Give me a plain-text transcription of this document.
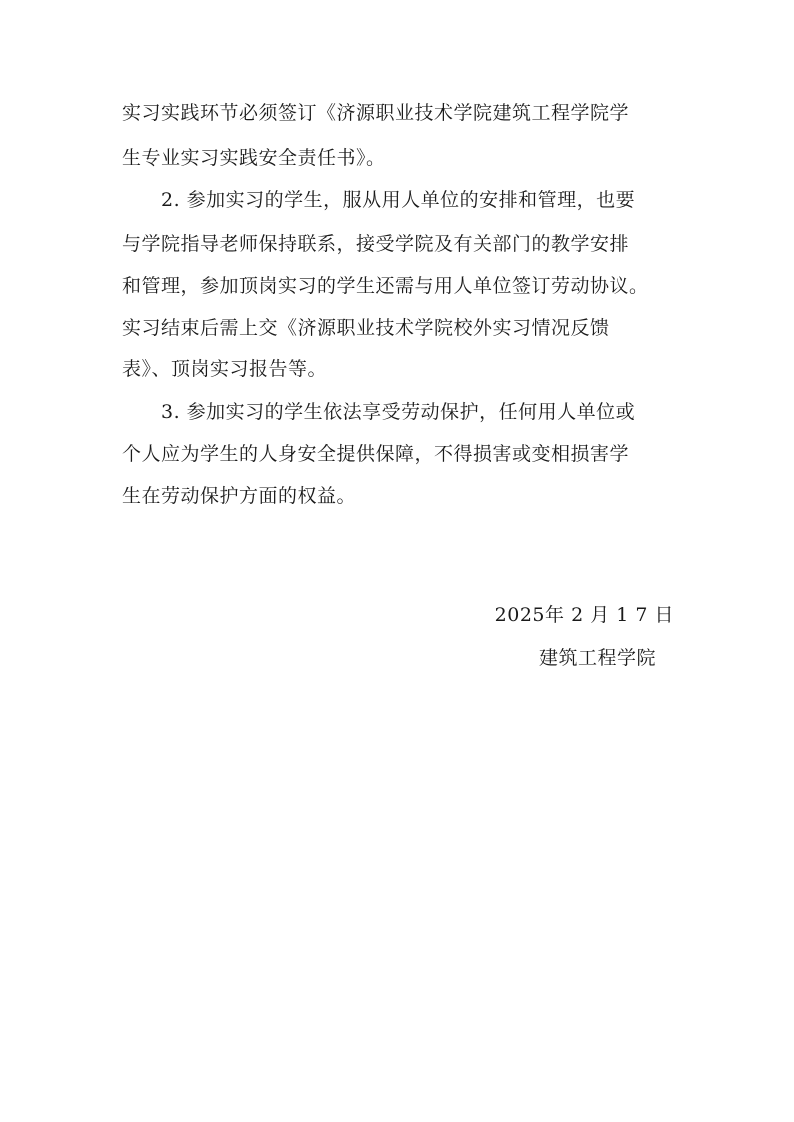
实习实践环节必须签订《济源职业技术学院建筑工程学院学
生专业实习实践安全责任书》。
2. 参加实习的学生，服从用人单位的安排和管理，也要
与学院指导老师保持联系，接受学院及有关部门的教学安排
和管理，参加顶岗实习的学生还需与用人单位签订劳动协议。
实习结束后需上交《济源职业技术学院校外实习情况反馈
表》、顶岗实习报告等。
3. 参加实习的学生依法享受劳动保护，任何用人单位或
个人应为学生的人身安全提供保障，不得损害或变相损害学
生在劳动保护方面的权益。
2025年 2 月 1 7 日
建筑工程学院
